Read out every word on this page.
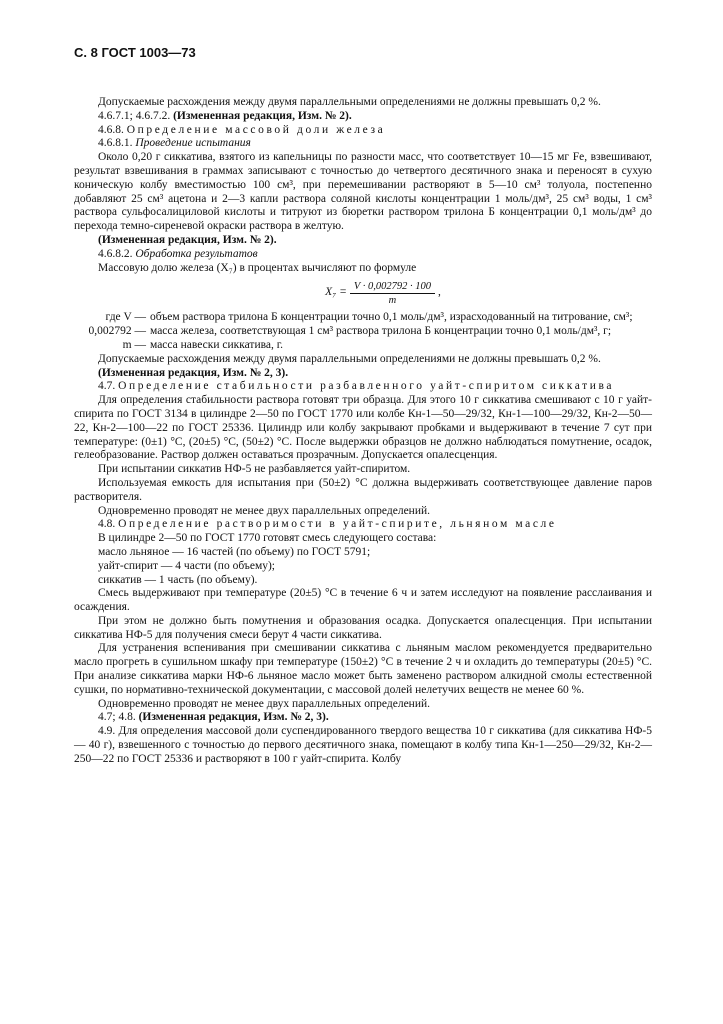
С. 8 ГОСТ 1003—73

Допускаемые расхождения между двумя параллельными определениями не должны превышать 0,2 %.

4.6.7.1; 4.6.7.2. (Измененная редакция, Изм. № 2).

4.6.8. Определение массовой доли железа

4.6.8.1. Проведение испытания

Около 0,20 г сиккатива, взятого из капельницы по разности масс, что соответствует 10—15 мг Fe, взвешивают, результат взвешивания в граммах записывают с точностью до четвертого десятичного знака и переносят в сухую коническую колбу вместимостью 100 см³, при перемешивании растворяют в 5—10 см³ толуола, постепенно добавляют 25 см³ ацетона и 2—3 капли раствора соляной кислоты концентрации 1 моль/дм³, 25 см³ воды, 1 см³ раствора сульфосалициловой кислоты и титруют из бюретки раствором трилона Б концентрации 0,1 моль/дм³ до перехода темно-сиреневой окраски раствора в желтую.

(Измененная редакция, Изм. № 2).

4.6.8.2. Обработка результатов

Массовую долю железа (X₇) в процентах вычисляют по формуле

$X_7 = \frac{V \cdot 0,002792 \cdot 100}{m}$ ,
где V — объем раствора трилона Б концентрации точно 0,1 моль/дм³, израсходованный на титрование, см³;
0,002792 — масса железа, соответствующая 1 см³ раствора трилона Б концентрации точно 0,1 моль/дм³, г;
m — масса навески сиккатива, г.

Допускаемые расхождения между двумя параллельными определениями не должны превышать 0,2 %.

(Измененная редакция, Изм. № 2, 3).

4.7. Определение стабильности разбавленного уайт-спиритом сиккатива

Для определения стабильности раствора готовят три образца. Для этого 10 г сиккатива смешивают с 10 г уайт-спирита по ГОСТ 3134 в цилиндре 2—50 по ГОСТ 1770 или колбе Кн-1—50—29/32, Кн-1—100—29/32, Кн-2—50—22, Кн-2—100—22 по ГОСТ 25336. Цилиндр или колбу закрывают пробками и выдерживают в течение 7 сут при температуре: (0±1) °С, (20±5) °С, (50±2) °С. После выдержки образцов не должно наблюдаться помутнение, осадок, гелеобразование. Раствор должен оставаться прозрачным. Допускается опалесценция.

При испытании сиккатив НФ-5 не разбавляется уайт-спиритом.

Используемая емкость для испытания при (50±2) °С должна выдерживать соответствующее давление паров растворителя.

Одновременно проводят не менее двух параллельных определений.

4.8. Определение растворимости в уайт-спирите, льняном масле

В цилиндре 2—50 по ГОСТ 1770 готовят смесь следующего состава:

масло льняное — 16 частей (по объему) по ГОСТ 5791;

уайт-спирит — 4 части (по объему);

сиккатив — 1 часть (по объему).

Смесь выдерживают при температуре (20±5) °С в течение 6 ч и затем исследуют на появление расслаивания и осаждения.

При этом не должно быть помутнения и образования осадка. Допускается опалесценция. При испытании сиккатива НФ-5 для получения смеси берут 4 части сиккатива.

Для устранения вспенивания при смешивании сиккатива с льняным маслом рекомендуется предварительно масло прогреть в сушильном шкафу при температуре (150±2) °С в течение 2 ч и охладить до температуры (20±5) °С. При анализе сиккатива марки НФ-6 льняное масло может быть заменено раствором алкидной смолы естественной сушки, по нормативно-технической документации, с массовой долей нелетучих веществ не менее 60 %.

Одновременно проводят не менее двух параллельных определений.

4.7; 4.8. (Измененная редакция, Изм. № 2, 3).

4.9. Для определения массовой доли суспендированного твердого вещества 10 г сиккатива (для сиккатива НФ-5 — 40 г), взвешенного с точностью до первого десятичного знака, помещают в колбу типа Кн-1—250—29/32, Кн-2—250—22 по ГОСТ 25336 и растворяют в 100 г уайт-спирита. Колбу
